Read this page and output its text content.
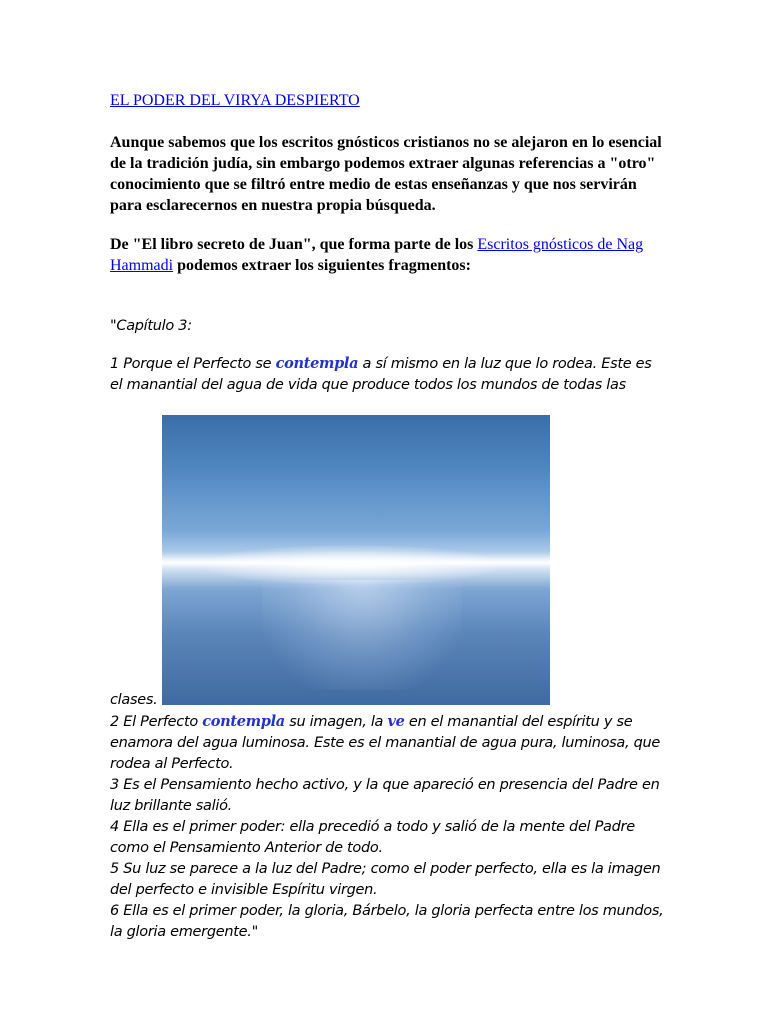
EL PODER DEL VIRYA DESPIERTO

Aunque sabemos que los escritos gnósticos cristianos no se alejaron en lo esencial de la tradición judía, sin embargo podemos extraer algunas referencias a "otro" conocimiento que se filtró entre medio de estas enseñanzas y que nos servirán para esclarecernos en nuestra propia búsqueda.

De "El libro secreto de Juan", que forma parte de los Escritos gnósticos de Nag Hammadi podemos extraer los siguientes fragmentos:

"Capítulo 3:

1 Porque el Perfecto se contempla a sí mismo en la luz que lo rodea. Este es el manantial del agua de vida que produce todos los mundos de todas las

clases.

2 El Perfecto contempla su imagen, la ve en el manantial del espíritu y se enamora del agua luminosa. Este es el manantial de agua pura, luminosa, que rodea al Perfecto.

3 Es el Pensamiento hecho activo, y la que apareció en presencia del Padre en luz brillante salió.

4 Ella es el primer poder: ella precedió a todo y salió de la mente del Padre como el Pensamiento Anterior de todo.

5 Su luz se parece a la luz del Padre; como el poder perfecto, ella es la imagen del perfecto e invisible Espíritu virgen.

6 Ella es el primer poder, la gloria, Bárbelo, la gloria perfecta entre los mundos, la gloria emergente."
